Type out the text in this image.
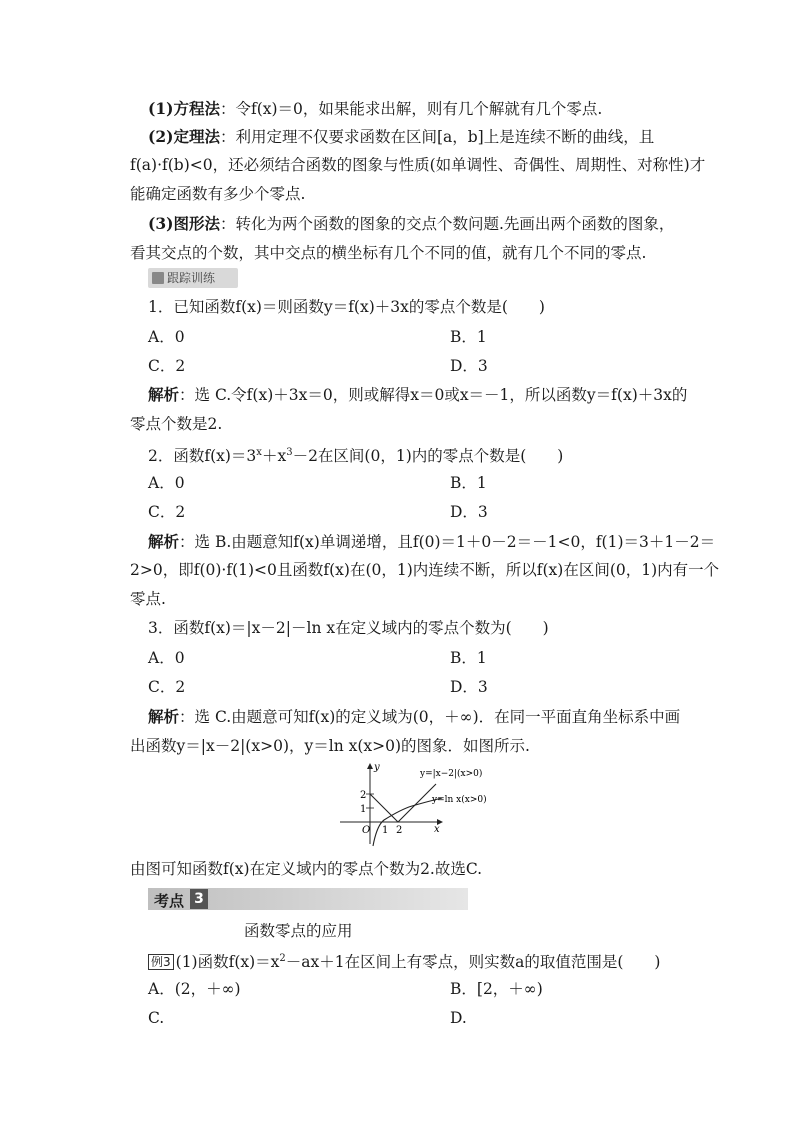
(1)方程法：令f(x)＝0，如果能求出解，则有几个解就有几个零点.
(2)定理法：利用定理不仅要求函数在区间[a，b]上是连续不断的曲线，且
f(a)·f(b)<0，还必须结合函数的图象与性质(如单调性、奇偶性、周期性、对称性)才
能确定函数有多少个零点.
(3)图形法：转化为两个函数的图象的交点个数问题.先画出两个函数的图象，
看其交点的个数，其中交点的横坐标有几个不同的值，就有几个不同的零点.
跟踪训练
1．已知函数f(x)＝则函数y＝f(x)＋3x的零点个数是(　　)
A．0	B．1
C．2	D．3
解析：选 C.令f(x)＋3x＝0，则或解得x＝0或x＝－1，所以函数y＝f(x)＋3x的
零点个数是2.
2．函数$f(x)=3^x+x^3-2$在区间(0，1)内的零点个数是(　　)
A．0	B．1
C．2	D．3
解析：选 B.由题意知f(x)单调递增，且f(0)＝1＋0－2＝－1<0，f(1)＝3＋1－2＝
2>0，即f(0)·f(1)<0且函数f(x)在(0，1)内连续不断，所以f(x)在区间(0，1)内有一个
零点.
3．函数f(x)＝|x－2|－ln x在定义域内的零点个数为(　　)
A．0	B．1
C．2	D．3
解析：选 C.由题意可知f(x)的定义域为(0，＋∞)．在同一平面直角坐标系中画
出函数y＝|x－2|(x>0)，y＝ln x(x>0)的图象．如图所示.
y
x
O 1 2
2
1
y=|x−2|(x>0)
y=ln x(x>0)
由图可知函数f(x)在定义域内的零点个数为2.故选C.
考点 3
函数零点的应用
例3 (1)函数$f(x)=x^2-ax+1$在区间上有零点，则实数a的取值范围是(　　)
A．(2，＋∞)	B．[2，＋∞)
C.	D.
